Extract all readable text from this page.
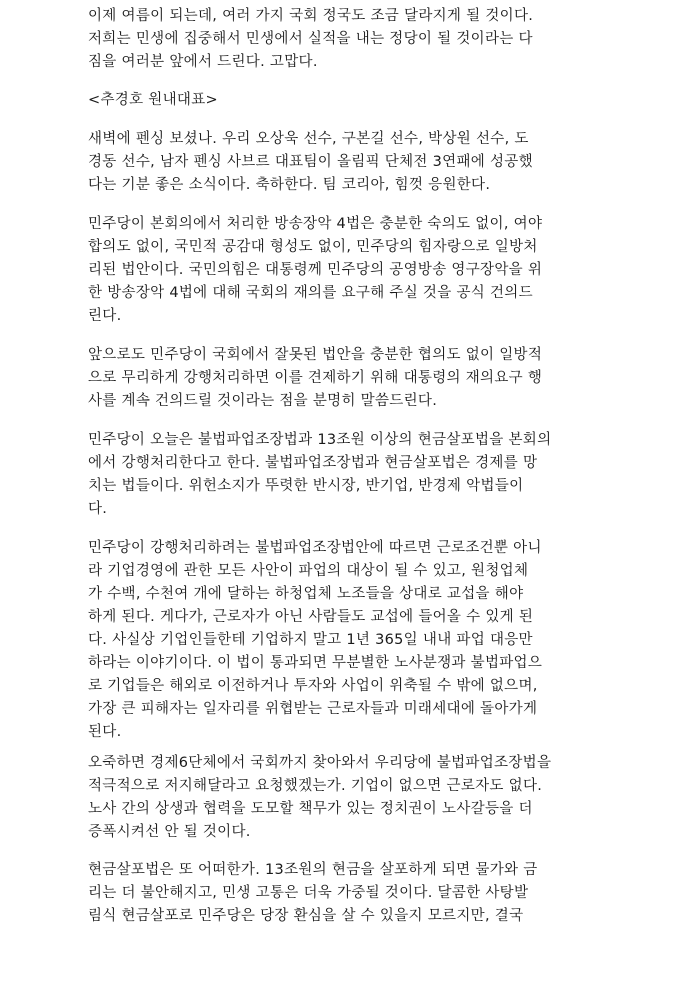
이제 여름이 되는데, 여러 가지 국회 정국도 조금 달라지게 될 것이다.
저희는 민생에 집중해서 민생에서 실적을 내는 정당이 될 것이라는 다
짐을 여러분 앞에서 드린다. 고맙다.
<추경호 원내대표>
새벽에 펜싱 보셨나. 우리 오상욱 선수, 구본길 선수, 박상원 선수, 도
경동 선수, 남자 펜싱 사브르 대표팀이 올림픽 단체전 3연패에 성공했
다는 기분 좋은 소식이다. 축하한다. 팀 코리아, 힘껏 응원한다.
민주당이 본회의에서 처리한 방송장악 4법은 충분한 숙의도 없이, 여야
합의도 없이, 국민적 공감대 형성도 없이, 민주당의 힘자랑으로 일방처
리된 법안이다. 국민의힘은 대통령께 민주당의 공영방송 영구장악을 위
한 방송장악 4법에 대해 국회의 재의를 요구해 주실 것을 공식 건의드
린다.
앞으로도 민주당이 국회에서 잘못된 법안을 충분한 협의도 없이 일방적
으로 무리하게 강행처리하면 이를 견제하기 위해 대통령의 재의요구 행
사를 계속 건의드릴 것이라는 점을 분명히 말씀드린다.
민주당이 오늘은 불법파업조장법과 13조원 이상의 현금살포법을 본회의
에서 강행처리한다고 한다. 불법파업조장법과 현금살포법은 경제를 망
치는 법들이다. 위헌소지가 뚜렷한 반시장, 반기업, 반경제 악법들이
다.
민주당이 강행처리하려는 불법파업조장법안에 따르면 근로조건뿐 아니
라 기업경영에 관한 모든 사안이 파업의 대상이 될 수 있고, 원청업체
가 수백, 수천여 개에 달하는 하청업체 노조들을 상대로 교섭을 해야
하게 된다. 게다가, 근로자가 아닌 사람들도 교섭에 들어올 수 있게 된
다. 사실상 기업인들한테 기업하지 말고 1년 365일 내내 파업 대응만
하라는 이야기이다. 이 법이 통과되면 무분별한 노사분쟁과 불법파업으
로 기업들은 해외로 이전하거나 투자와 사업이 위축될 수 밖에 없으며,
가장 큰 피해자는 일자리를 위협받는 근로자들과 미래세대에 돌아가게
된다.
오죽하면 경제6단체에서 국회까지 찾아와서 우리당에 불법파업조장법을
적극적으로 저지해달라고 요청했겠는가. 기업이 없으면 근로자도 없다.
노사 간의 상생과 협력을 도모할 책무가 있는 정치권이 노사갈등을 더
증폭시켜선 안 될 것이다.
현금살포법은 또 어떠한가. 13조원의 현금을 살포하게 되면 물가와 금
리는 더 불안해지고, 민생 고통은 더욱 가중될 것이다. 달콤한 사탕발
림식 현금살포로 민주당은 당장 환심을 살 수 있을지 모르지만, 결국
